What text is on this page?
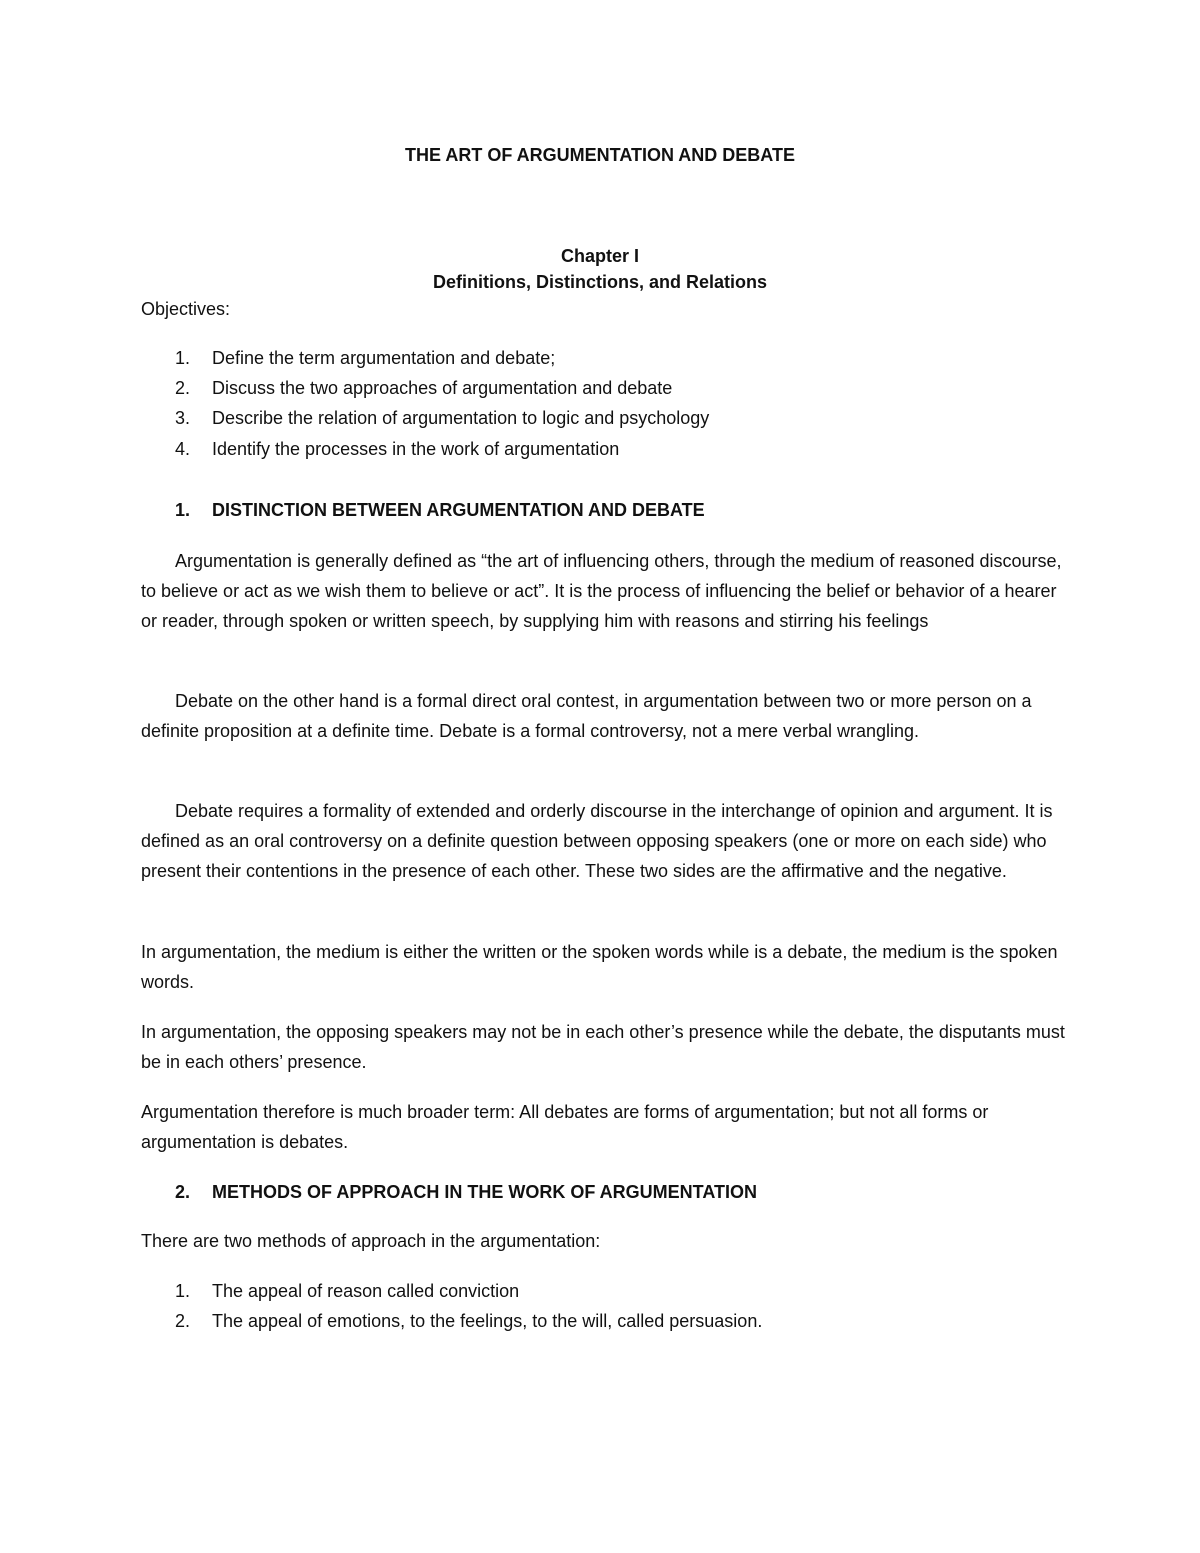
THE ART OF ARGUMENTATION AND DEBATE
Chapter I
Definitions, Distinctions, and Relations
Objectives:
1. Define the term argumentation and debate;
2. Discuss the two approaches of argumentation and debate
3. Describe the relation of argumentation to logic and psychology
4. Identify the processes in the work of argumentation
1. DISTINCTION BETWEEN ARGUMENTATION AND DEBATE

Argumentation is generally defined as “the art of influencing others, through the medium of reasoned discourse, to believe or act as we wish them to believe or act”. It is the process of influencing the belief or behavior of a hearer or reader, through spoken or written speech, by supplying him with reasons and stirring his feelings

Debate on the other hand is a formal direct oral contest, in argumentation between two or more person on a definite proposition at a definite time. Debate is a formal controversy, not a mere verbal wrangling.

Debate requires a formality of extended and orderly discourse in the interchange of opinion and argument. It is defined as an oral controversy on a definite question between opposing speakers (one or more on each side) who present their contentions in the presence of each other. These two sides are the affirmative and the negative.

In argumentation, the medium is either the written or the spoken words while is a debate, the medium is the spoken words.

In argumentation, the opposing speakers may not be in each other’s presence while the debate, the disputants must be in each others’ presence.

Argumentation therefore is much broader term: All debates are forms of argumentation; but not all forms or argumentation is debates.

2. METHODS OF APPROACH IN THE WORK OF ARGUMENTATION
There are two methods of approach in the argumentation:
1. The appeal of reason called conviction
2. The appeal of emotions, to the feelings, to the will, called persuasion.
